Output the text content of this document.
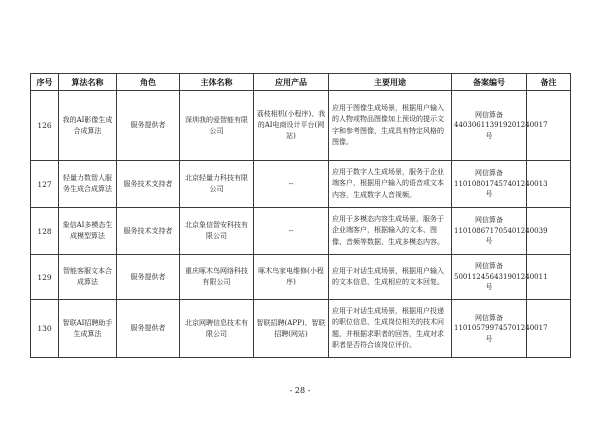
序号	算法名称	角色	主体名称	应用产品	主要用途	备案编号	备注
126	我的AI影像生成合成算法	服务提供者	深圳我的爱智能有限公司	荔枝相机(小程序)、我的AI电商设计平台(网站)	应用于图像生成场景，根据用户输入的人物或物品图像加上预设的提示文字和参考图像，生成具有特定风格的图像。	网信算备440306113919201240017号	
127	轻量力数智人服务生成合成算法	服务技术支持者	北京轻量力科技有限公司	--	应用于数字人生成场景，服务于企业端客户，根据用户输入的语音或文本内容，生成数字人音视频。	网信算备110108017457401240013号	
128	象信AI多模态生成模型算法	服务技术支持者	北京象信智安科技有限公司	--	应用于多模态内容生成场景，服务于企业端客户，根据输入的文本、图像、音频等数据，生成多模态内容。	网信算备110108671705401240039号	
129	智能客服文本合成算法	服务提供者	重庆啄木鸟网络科技有限公司	啄木鸟家电维修(小程序)	应用于对话生成场景，根据用户输入的文本信息，生成相应的文本回复。	网信算备500112456431901240011号	
130	智联AI招聘助手生成算法	服务提供者	北京网聘信息技术有限公司	智联招聘(APP)、智联招聘(网站)	应用于对话生成场景，根据用户投递的职位信息，生成岗位相关的技术问题，并根据求职者的回答，生成对求职者是否符合该岗位评价。	网信算备110105799745701240017号	
- 28 -
